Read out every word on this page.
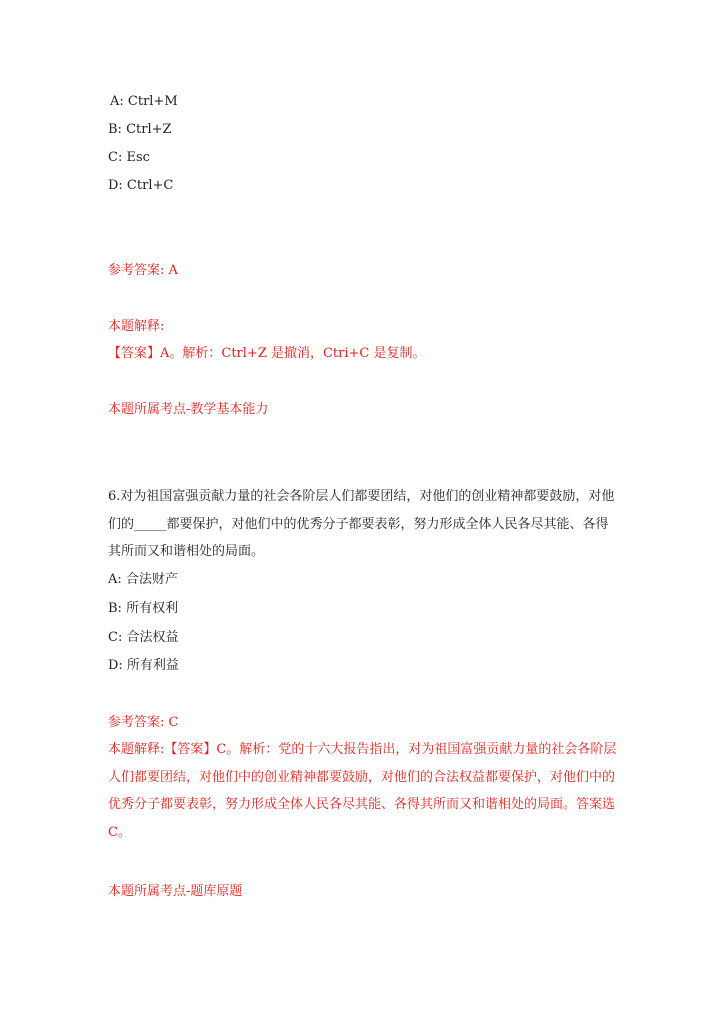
A: Ctrl+M
B: Ctrl+Z
C: Esc
D: Ctrl+C
参考答案: A
本题解释:
【答案】A。解析：Ctrl+Z 是撤消，Ctri+C 是复制。
本题所属考点-教学基本能力
6.对为祖国富强贡献力量的社会各阶层人们都要团结，对他们的创业精神都要鼓励，对他们的_____都要保护，对他们中的优秀分子都要表彰，努力形成全体人民各尽其能、各得其所而又和谐相处的局面。
A: 合法财产
B: 所有权利
C: 合法权益
D: 所有利益
参考答案: C
本题解释:【答案】C。解析：党的十六大报告指出，对为祖国富强贡献力量的社会各阶层人们都要团结，对他们中的创业精神都要鼓励，对他们的合法权益都要保护，对他们中的优秀分子都要表彰，努力形成全体人民各尽其能、各得其所而又和谐相处的局面。答案选 C。
本题所属考点-题库原题
